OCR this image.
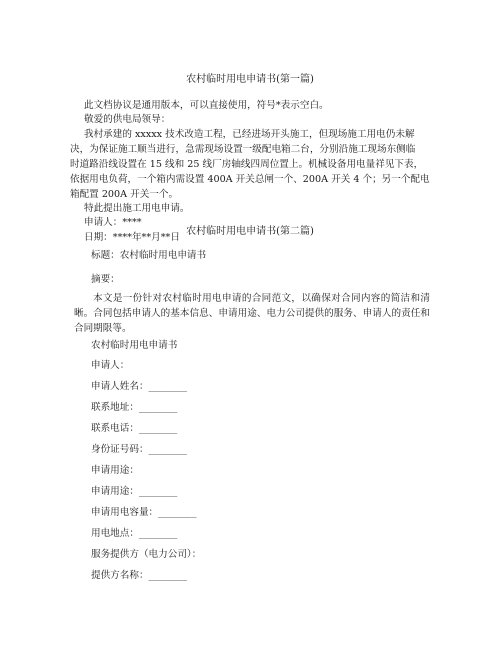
农村临时用电申请书(第一篇)
此文档协议是通用版本，可以直接使用，符号*表示空白。
敬爱的供电局领导：
我村承建的 xxxxx 技术改造工程，已经进场开头施工，但现场施工用电仍未解
决，为保证施工顺当进行，急需现场设置一级配电箱二台，分别沿施工现场东侧临
时道路沿线设置在 15 线和 25 线厂房轴线四周位置上。机械设备用电量祥见下表，
依据用电负荷，一个箱内需设置 400A 开关总闸一个、200A 开关 4 个；另一个配电
箱配置 200A 开关一个。
特此提出施工用电申请。
申请人：****
日期：****年**月**日
农村临时用电申请书(第二篇)
标题：农村临时用电申请书
摘要：
本文是一份针对农村临时用电申请的合同范文，以确保对合同内容的简洁和清晰。合同包括申请人的基本信息、申请用途、电力公司提供的服务、申请人的责任和合同期限等。
农村临时用电申请书
申请人：
申请人姓名：________
联系地址：________
联系电话：________
身份证号码：________
申请用途：
申请用途：________
申请用电容量：________
用电地点：________
服务提供方（电力公司）：
提供方名称：________
